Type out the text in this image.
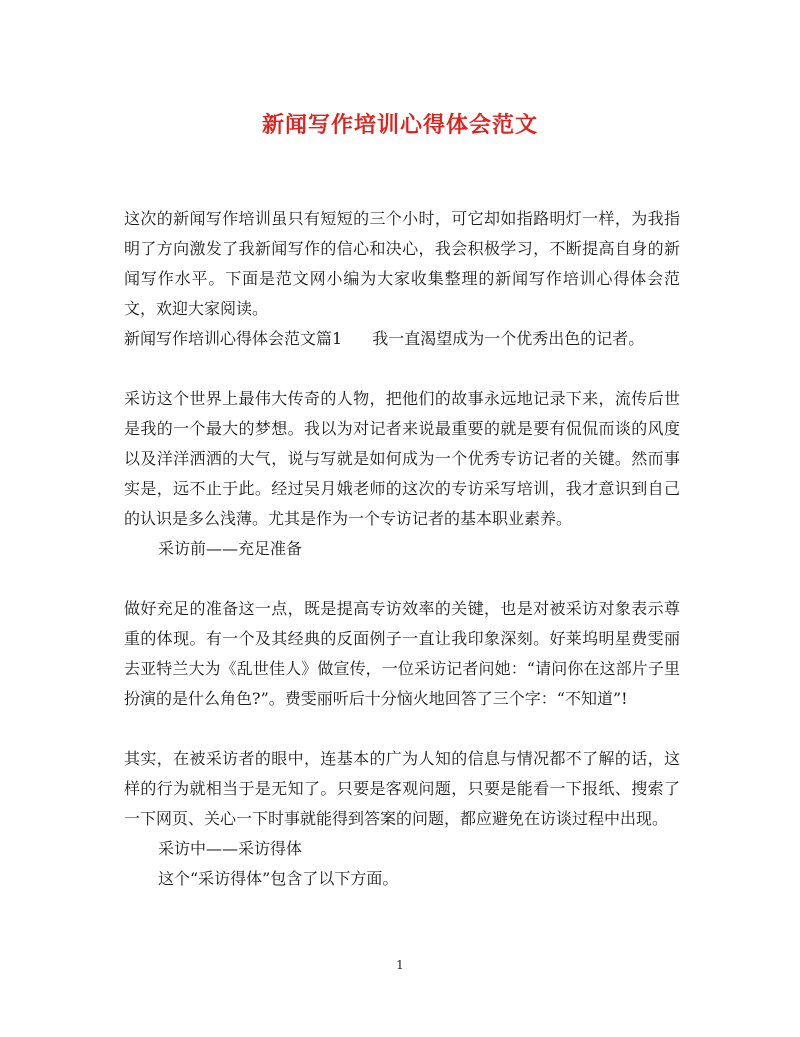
新闻写作培训心得体会范文

这次的新闻写作培训虽只有短短的三个小时，可它却如指路明灯一样，为我指明了方向激发了我新闻写作的信心和决心，我会积极学习，不断提高自身的新闻写作水平。下面是范文网小编为大家收集整理的新闻写作培训心得体会范文，欢迎大家阅读。

新闻写作培训心得体会范文篇1 我一直渴望成为一个优秀出色的记者。

采访这个世界上最伟大传奇的人物，把他们的故事永远地记录下来，流传后世是我的一个最大的梦想。我以为对记者来说最重要的就是要有侃侃而谈的风度以及洋洋洒洒的大气，说与写就是如何成为一个优秀专访记者的关键。然而事实是，远不止于此。经过吴月娥老师的这次的专访采写培训，我才意识到自己的认识是多么浅薄。尤其是作为一个专访记者的基本职业素养。

采访前——充足准备

做好充足的准备这一点，既是提高专访效率的关键，也是对被采访对象表示尊重的体现。有一个及其经典的反面例子一直让我印象深刻。好莱坞明星费雯丽去亚特兰大为《乱世佳人》做宣传，一位采访记者问她：“请问你在这部片子里扮演的是什么角色?”。费雯丽听后十分恼火地回答了三个字：“不知道”!

其实，在被采访者的眼中，连基本的广为人知的信息与情况都不了解的话，这样的行为就相当于是无知了。只要是客观问题，只要是能看一下报纸、搜索了一下网页、关心一下时事就能得到答案的问题，都应避免在访谈过程中出现。

采访中——采访得体

这个“采访得体”包含了以下方面。

1
